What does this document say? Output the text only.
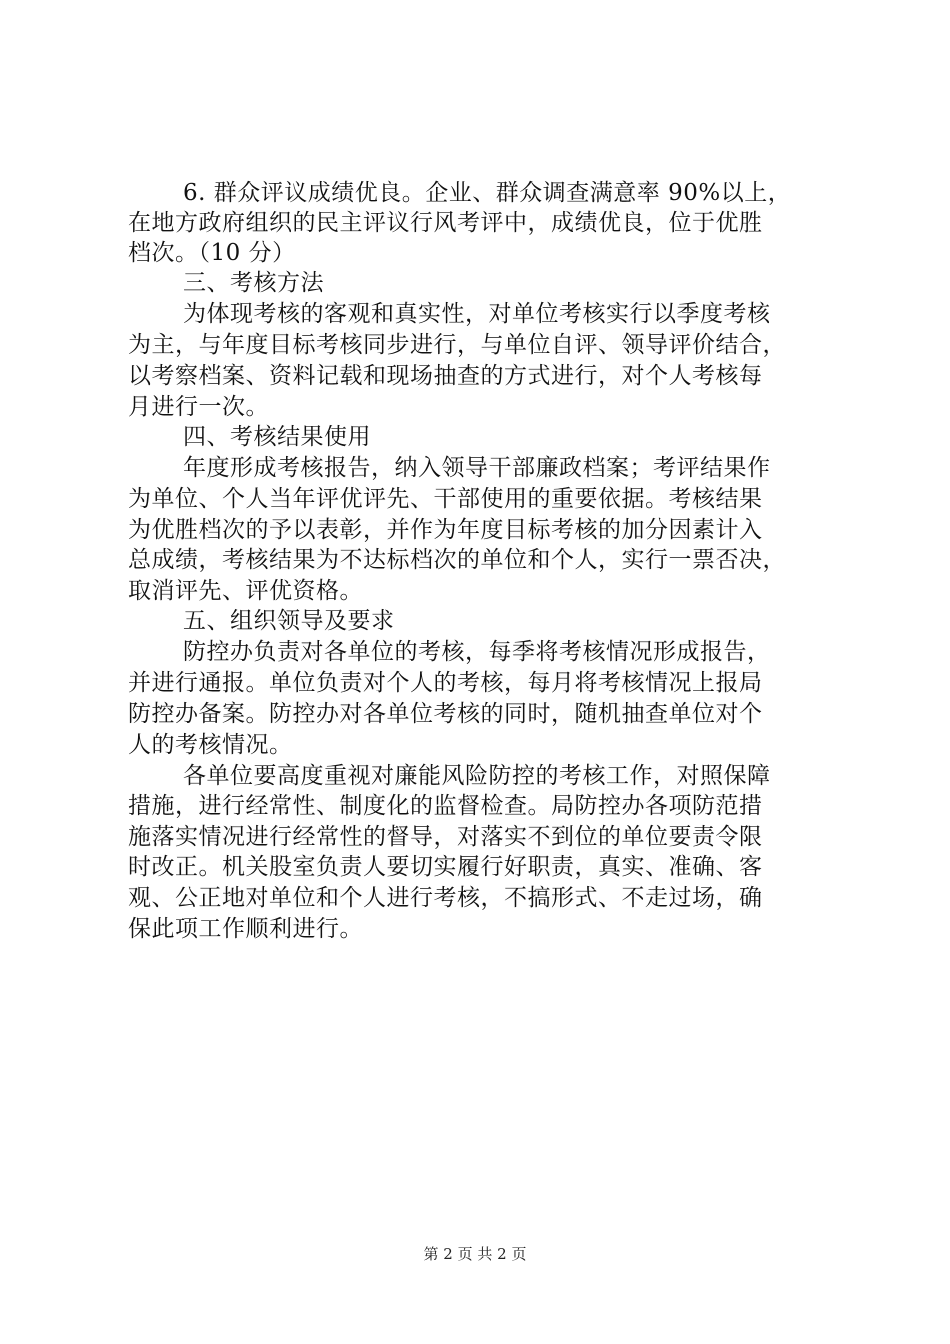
6. 群众评议成绩优良。企业、群众调查满意率 90%以上，
在地方政府组织的民主评议行风考评中，成绩优良，位于优胜
档次。（10 分）
三、考核方法
为体现考核的客观和真实性，对单位考核实行以季度考核
为主，与年度目标考核同步进行，与单位自评、领导评价结合，
以考察档案、资料记载和现场抽查的方式进行，对个人考核每
月进行一次。
四、考核结果使用
年度形成考核报告，纳入领导干部廉政档案；考评结果作
为单位、个人当年评优评先、干部使用的重要依据。考核结果
为优胜档次的予以表彰，并作为年度目标考核的加分因素计入
总成绩，考核结果为不达标档次的单位和个人，实行一票否决，
取消评先、评优资格。
五、组织领导及要求
防控办负责对各单位的考核，每季将考核情况形成报告，
并进行通报。单位负责对个人的考核，每月将考核情况上报局
防控办备案。防控办对各单位考核的同时，随机抽查单位对个
人的考核情况。
各单位要高度重视对廉能风险防控的考核工作，对照保障
措施，进行经常性、制度化的监督检查。局防控办各项防范措
施落实情况进行经常性的督导，对落实不到位的单位要责令限
时改正。机关股室负责人要切实履行好职责，真实、准确、客
观、公正地对单位和个人进行考核，不搞形式、不走过场，确
保此项工作顺利进行。
第 2 页 共 2 页
